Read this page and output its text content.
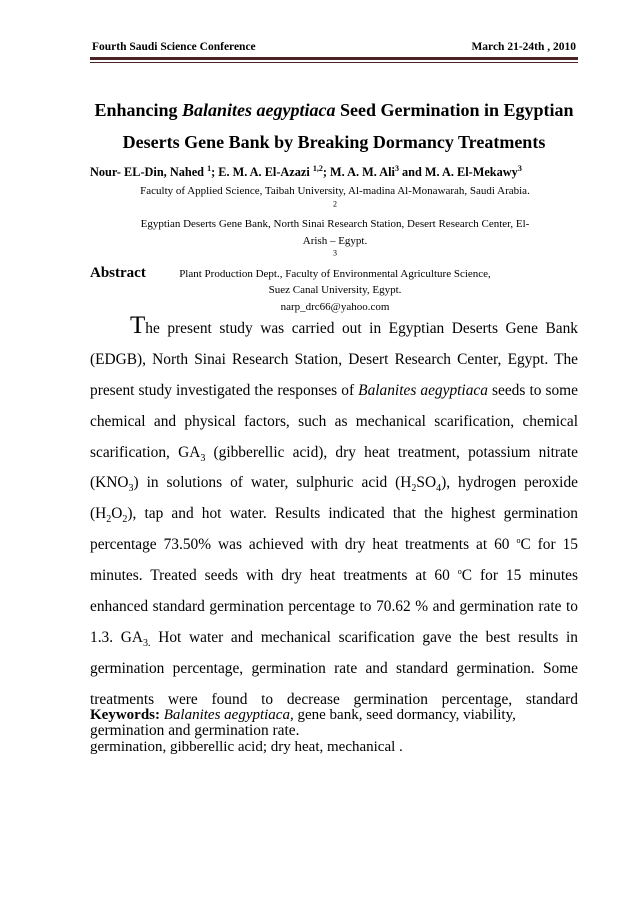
Fourth Saudi Science Conference	March 21-24th , 2010
Enhancing Balanites aegyptiaca Seed Germination in Egyptian
Deserts Gene Bank by Breaking Dormancy Treatments
Nour- EL-Din, Nahed $^1$; E. M. A. El-Azazi $^{1,2}$; M. A. M. Ali$^3$ and M. A. El-Mekawy$^3$
Faculty of Applied Science, Taibah University, Al-madina Al-Monawarah, Saudi Arabia.
$^2$
Egyptian Deserts Gene Bank, North Sinai Research Station, Desert Research Center, El-
Arish – Egypt.
$^3$
Plant Production Dept., Faculty of Environmental Agriculture Science,
Suez Canal University, Egypt.
narp_drc66@yahoo.com
Abstract
The present study was carried out in Egyptian Deserts Gene Bank
(EDGB), North Sinai Research Station, Desert Research Center, Egypt. The
present study investigated the responses of Balanites aegyptiaca seeds to some
chemical and physical factors, such as mechanical scarification, chemical
scarification, $GA_3$ (gibberellic acid), dry heat treatment, potassium nitrate
$(KNO_3)$ in solutions of water, sulphuric acid $(H_2SO_4)$, hydrogen peroxide
$(H_2O_2)$, tap and hot water. Results indicated that the highest germination
percentage 73.50% was achieved with dry heat treatments at 60 $^o$C for 15
minutes. Treated seeds with dry heat treatments at 60 $^o$C for 15 minutes
enhanced standard germination percentage to 70.62 % and germination rate to
1.3. $GA_{3.}$ Hot water and mechanical scarification gave the best results in
germination percentage, germination rate and standard germination. Some
treatments were found to decrease germination percentage, standard
germination and germination rate.
Keywords: Balanites aegyptiaca, gene bank, seed dormancy, viability,
germination, gibberellic acid; dry heat, mechanical .
